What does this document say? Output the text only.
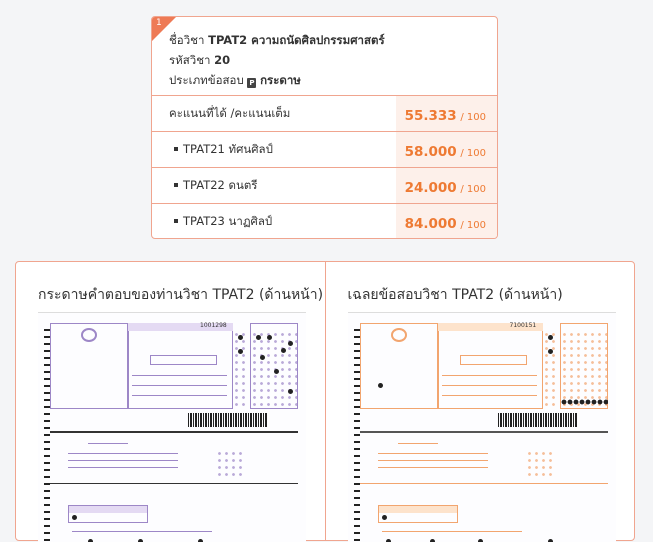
1
ชื่อวิชา TPAT2 ความถนัดศิลปกรรมศาสตร์
รหัสวิชา 20
ประเภทข้อสอบ P กระดาษ
คะแนนที่ได้ /คะแนนเต็ม	55.333 / 100
TPAT21 ทัศนศิลป์	58.000 / 100
TPAT22 ดนตรี	24.000 / 100
TPAT23 นาฏศิลป์	84.000 / 100
กระดาษคำตอบของท่านวิชา TPAT2 (ด้านหน้า)
1001298
เฉลยข้อสอบวิชา TPAT2 (ด้านหน้า)
7100151
